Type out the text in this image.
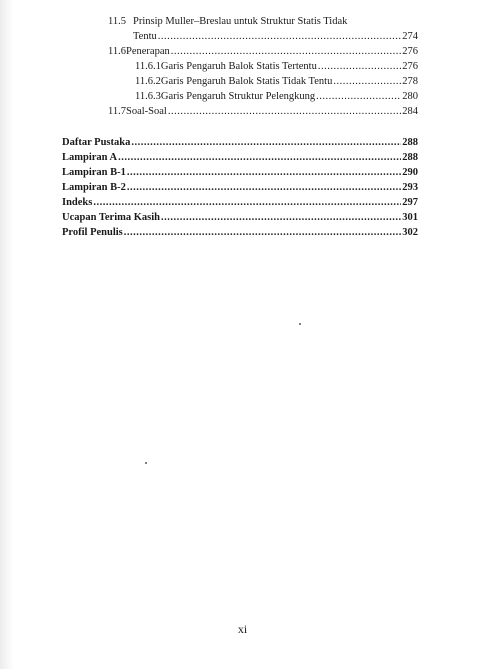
11.5 Prinsip Muller–Breslau untuk Struktur Statis Tidak
Tentu .....	274
11.6 Penerapan .....	276
11.6.1 Garis Pengaruh Balok Statis Tertentu .....	276
11.6.2 Garis Pengaruh Balok Statis Tidak Tentu .....	278
11.6.3 Garis Pengaruh Struktur Pelengkung .....	280
11.7 Soal-Soal .....	284
Daftar Pustaka .....	288
Lampiran A .....	288
Lampiran B-1 .....	290
Lampiran B-2 .....	293
Indeks .....	297
Ucapan Terima Kasih .....	301
Profil Penulis .....	302
xi
